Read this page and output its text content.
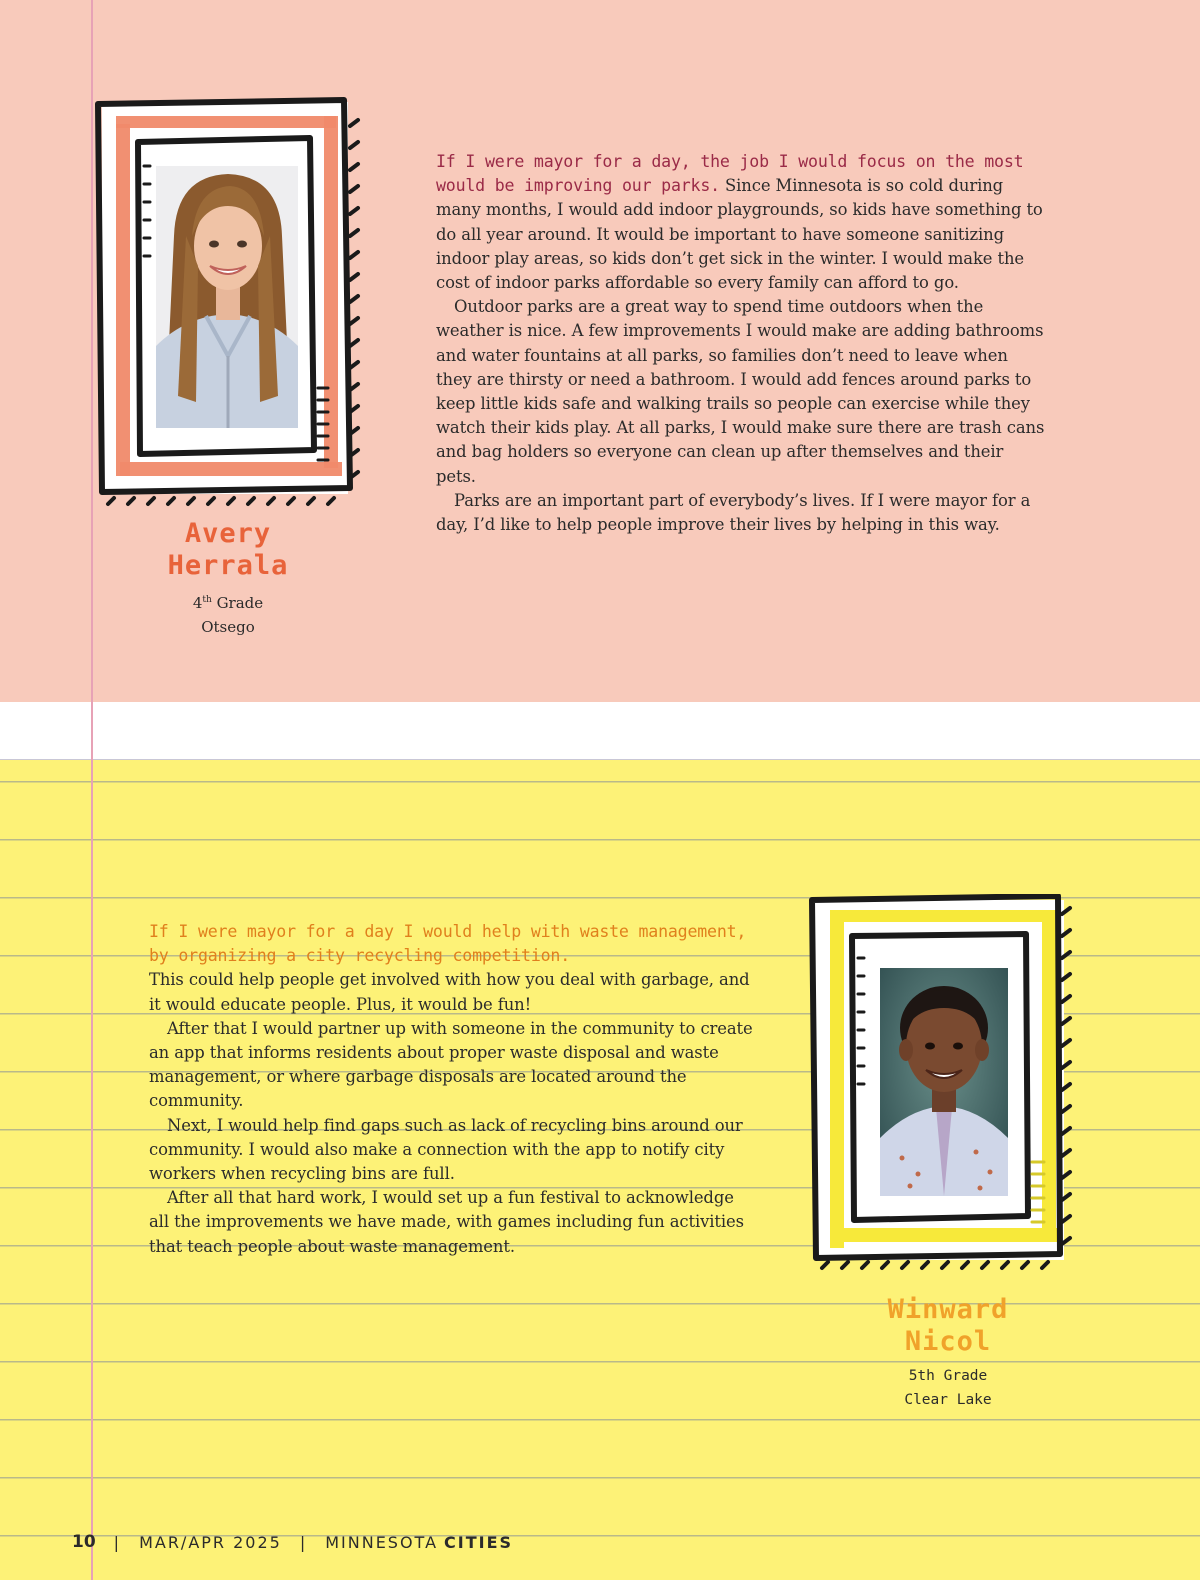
Avery
Herrala
4th Grade
Otsego

If I were mayor for a day, the job I would focus on the most would be improving our parks. Since Minnesota is so cold during many months, I would add indoor playgrounds, so kids have something to do all year around. It would be important to have someone sanitizing indoor play areas, so kids don’t get sick in the winter. I would make the cost of indoor parks affordable so every family can afford to go.

Outdoor parks are a great way to spend time outdoors when the weather is nice. A few improvements I would make are adding bathrooms and water fountains at all parks, so families don’t need to leave when they are thirsty or need a bathroom. I would add fences around parks to keep little kids safe and walking trails so people can exercise while they watch their kids play. At all parks, I would make sure there are trash cans and bag holders so everyone can clean up after themselves and their pets.

Parks are an important part of everybody’s lives. If I were mayor for a day, I’d like to help people improve their lives by helping in this way.

If I were mayor for a day I would help with waste management, by organizing a city recycling competition.

This could help people get involved with how you deal with garbage, and it would educate people. Plus, it would be fun!

After that I would partner up with someone in the community to create an app that informs residents about proper waste disposal and waste management, or where garbage disposals are located around the community.

Next, I would help find gaps such as lack of recycling bins around our community. I would also make a connection with the app to notify city workers when recycling bins are full.

After all that hard work, I would set up a fun festival to acknowledge all the improvements we have made, with games including fun activities that teach people about waste management.

Winward
Nicol
5th Grade
Clear Lake
10 | MAR/APR 2025 | MINNESOTA CITIES
